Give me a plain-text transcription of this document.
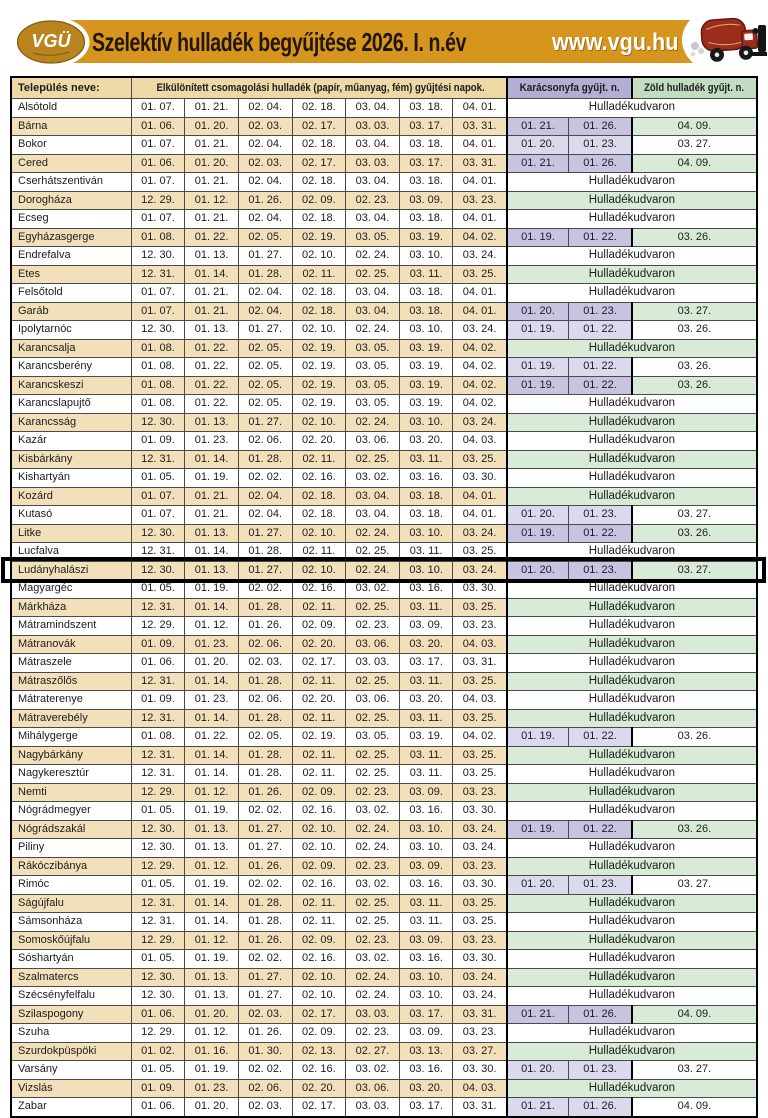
VGÜ Szelektív hulladék begyűjtése 2026. I. n.év	www.vgu.hu
Település neve:	Elkülönített csomagolási hulladék (papír, műanyag, fém) gyűjtési napok.							Karácsonyfa gyűjt. n.		Zöld hulladék gyűjt. n.
Alsótold	01. 07.	01. 21.	02. 04.	02. 18.	03. 04.	03. 18.	04. 01.	Hulladékudvaron		
Bárna	01. 06.	01. 20.	02. 03.	02. 17.	03. 03.	03. 17.	03. 31.	01. 21.	01. 26.	04. 09.
Bokor	01. 07.	01. 21.	02. 04.	02. 18.	03. 04.	03. 18.	04. 01.	01. 20.	01. 23.	03. 27.
Cered	01. 06.	01. 20.	02. 03.	02. 17.	03. 03.	03. 17.	03. 31.	01. 21.	01. 26.	04. 09.
Cserhátszentiván	01. 07.	01. 21.	02. 04.	02. 18.	03. 04.	03. 18.	04. 01.	Hulladékudvaron		
Dorogháza	12. 29.	01. 12.	01. 26.	02. 09.	02. 23.	03. 09.	03. 23.	Hulladékudvaron		
Ecseg	01. 07.	01. 21.	02. 04.	02. 18.	03. 04.	03. 18.	04. 01.	Hulladékudvaron		
Egyházasgerge	01. 08.	01. 22.	02. 05.	02. 19.	03. 05.	03. 19.	04. 02.	01. 19.	01. 22.	03. 26.
Endrefalva	12. 30.	01. 13.	01. 27.	02. 10.	02. 24.	03. 10.	03. 24.	Hulladékudvaron		
Etes	12. 31.	01. 14.	01. 28.	02. 11.	02. 25.	03. 11.	03. 25.	Hulladékudvaron		
Felsőtold	01. 07.	01. 21.	02. 04.	02. 18.	03. 04.	03. 18.	04. 01.	Hulladékudvaron		
Garáb	01. 07.	01. 21.	02. 04.	02. 18.	03. 04.	03. 18.	04. 01.	01. 20.	01. 23.	03. 27.
Ipolytarnóc	12. 30.	01. 13.	01. 27.	02. 10.	02. 24.	03. 10.	03. 24.	01. 19.	01. 22.	03. 26.
Karancsalja	01. 08.	01. 22.	02. 05.	02. 19.	03. 05.	03. 19.	04. 02.	Hulladékudvaron		
Karancsberény	01. 08.	01. 22.	02. 05.	02. 19.	03. 05.	03. 19.	04. 02.	01. 19.	01. 22.	03. 26.
Karancskeszi	01. 08.	01. 22.	02. 05.	02. 19.	03. 05.	03. 19.	04. 02.	01. 19.	01. 22.	03. 26.
Karancslapujtő	01. 08.	01. 22.	02. 05.	02. 19.	03. 05.	03. 19.	04. 02.	Hulladékudvaron		
Karancsság	12. 30.	01. 13.	01. 27.	02. 10.	02. 24.	03. 10.	03. 24.	Hulladékudvaron		
Kazár	01. 09.	01. 23.	02. 06.	02. 20.	03. 06.	03. 20.	04. 03.	Hulladékudvaron		
Kisbárkány	12. 31.	01. 14.	01. 28.	02. 11.	02. 25.	03. 11.	03. 25.	Hulladékudvaron		
Kishartyán	01. 05.	01. 19.	02. 02.	02. 16.	03. 02.	03. 16.	03. 30.	Hulladékudvaron		
Kozárd	01. 07.	01. 21.	02. 04.	02. 18.	03. 04.	03. 18.	04. 01.	Hulladékudvaron		
Kutasó	01. 07.	01. 21.	02. 04.	02. 18.	03. 04.	03. 18.	04. 01.	01. 20.	01. 23.	03. 27.
Litke	12. 30.	01. 13.	01. 27.	02. 10.	02. 24.	03. 10.	03. 24.	01. 19.	01. 22.	03. 26.
Lucfalva	12. 31.	01. 14.	01. 28.	02. 11.	02. 25.	03. 11.	03. 25.	Hulladékudvaron		
Ludányhalászi	12. 30.	01. 13.	01. 27.	02. 10.	02. 24.	03. 10.	03. 24.	01. 20.	01. 23.	03. 27.
Magyargéc	01. 05.	01. 19.	02. 02.	02. 16.	03. 02.	03. 16.	03. 30.	Hulladékudvaron		
Márkháza	12. 31.	01. 14.	01. 28.	02. 11.	02. 25.	03. 11.	03. 25.	Hulladékudvaron		
Mátramindszent	12. 29.	01. 12.	01. 26.	02. 09.	02. 23.	03. 09.	03. 23.	Hulladékudvaron		
Mátranovák	01. 09.	01. 23.	02. 06.	02. 20.	03. 06.	03. 20.	04. 03.	Hulladékudvaron		
Mátraszele	01. 06.	01. 20.	02. 03.	02. 17.	03. 03.	03. 17.	03. 31.	Hulladékudvaron		
Mátraszőlős	12. 31.	01. 14.	01. 28.	02. 11.	02. 25.	03. 11.	03. 25.	Hulladékudvaron		
Mátraterenye	01. 09.	01. 23.	02. 06.	02. 20.	03. 06.	03. 20.	04. 03.	Hulladékudvaron		
Mátraverebély	12. 31.	01. 14.	01. 28.	02. 11.	02. 25.	03. 11.	03. 25.	Hulladékudvaron		
Mihálygerge	01. 08.	01. 22.	02. 05.	02. 19.	03. 05.	03. 19.	04. 02.	01. 19.	01. 22.	03. 26.
Nagybárkány	12. 31.	01. 14.	01. 28.	02. 11.	02. 25.	03. 11.	03. 25.	Hulladékudvaron		
Nagykeresztúr	12. 31.	01. 14.	01. 28.	02. 11.	02. 25.	03. 11.	03. 25.	Hulladékudvaron		
Nemti	12. 29.	01. 12.	01. 26.	02. 09.	02. 23.	03. 09.	03. 23.	Hulladékudvaron		
Nógrádmegyer	01. 05.	01. 19.	02. 02.	02. 16.	03. 02.	03. 16.	03. 30.	Hulladékudvaron		
Nógrádszakál	12. 30.	01. 13.	01. 27.	02. 10.	02. 24.	03. 10.	03. 24.	01. 19.	01. 22.	03. 26.
Piliny	12. 30.	01. 13.	01. 27.	02. 10.	02. 24.	03. 10.	03. 24.	Hulladékudvaron		
Rákóczibánya	12. 29.	01. 12.	01. 26.	02. 09.	02. 23.	03. 09.	03. 23.	Hulladékudvaron		
Rimóc	01. 05.	01. 19.	02. 02.	02. 16.	03. 02.	03. 16.	03. 30.	01. 20.	01. 23.	03. 27.
Ságújfalu	12. 31.	01. 14.	01. 28.	02. 11.	02. 25.	03. 11.	03. 25.	Hulladékudvaron		
Sámsonháza	12. 31.	01. 14.	01. 28.	02. 11.	02. 25.	03. 11.	03. 25.	Hulladékudvaron		
Somoskőújfalu	12. 29.	01. 12.	01. 26.	02. 09.	02. 23.	03. 09.	03. 23.	Hulladékudvaron		
Sóshartyán	01. 05.	01. 19.	02. 02.	02. 16.	03. 02.	03. 16.	03. 30.	Hulladékudvaron		
Szalmatercs	12. 30.	01. 13.	01. 27.	02. 10.	02. 24.	03. 10.	03. 24.	Hulladékudvaron		
Szécsényfelfalu	12. 30.	01. 13.	01. 27.	02. 10.	02. 24.	03. 10.	03. 24.	Hulladékudvaron		
Szilaspogony	01. 06.	01. 20.	02. 03.	02. 17.	03. 03.	03. 17.	03. 31.	01. 21.	01. 26.	04. 09.
Szuha	12. 29.	01. 12.	01. 26.	02. 09.	02. 23.	03. 09.	03. 23.	Hulladékudvaron		
Szurdokpüspöki	01. 02.	01. 16.	01. 30.	02. 13.	02. 27.	03. 13.	03. 27.	Hulladékudvaron		
Varsány	01. 05.	01. 19.	02. 02.	02. 16.	03. 02.	03. 16.	03. 30.	01. 20.	01. 23.	03. 27.
Vizslás	01. 09.	01. 23.	02. 06.	02. 20.	03. 06.	03. 20.	04. 03.	Hulladékudvaron		
Zabar	01. 06.	01. 20.	02. 03.	02. 17.	03. 03.	03. 17.	03. 31.	01. 21.	01. 26.	04. 09.
